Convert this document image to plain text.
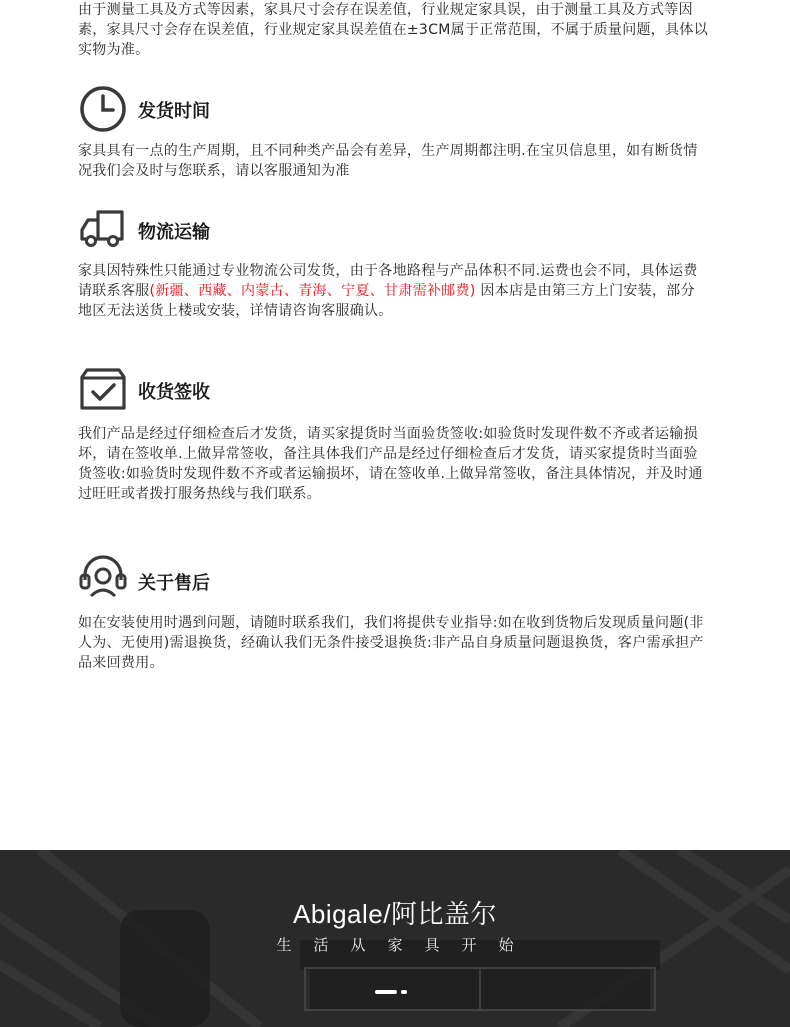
由于测量工具及方式等因素，家具尺寸会存在误差值，行业规定家具误，由于测量工具及方式等因素，家具尺寸会存在误差值，行业规定家具误差值在±3CM属于正常范围，不属于质量问题，具体以实物为准。
发货时间
家具具有一点的生产周期，且不同种类产品会有差异，生产周期都注明.在宝贝信息里，如有断货情况我们会及时与您联系，请以客服通知为准
物流运输
家具因特殊性只能通过专业物流公司发货，由于各地路程与产品体积不同.运费也会不同，具体运费请联系客服(新疆、西藏、内蒙古、青海、宁夏、甘肃需补邮费) 因本店是由第三方上门安装，部分地区无法送货上楼或安装，详情请咨询客服确认。
收货签收
我们产品是经过仔细检查后才发货，请买家提货时当面验货签收:如验货时发现件数不齐或者运输损坏，请在签收单.上做异常签收，备注具体我们产品是经过仔细检查后才发货，请买家提货时当面验货签收:如验货时发现件数不齐或者运输损坏，请在签收单.上做异常签收，备注具体情况，并及时通过旺旺或者拨打服务热线与我们联系。
关于售后
如在安装使用时遇到问题，请随时联系我们，我们将提供专业指导:如在收到货物后发现质量问题(非人为、无使用)需退换货，经确认我们无条件接受退换货:非产品自身质量问题退换货，客户需承担产品来回费用。
Abigale/阿比盖尔
生活从家具开始
